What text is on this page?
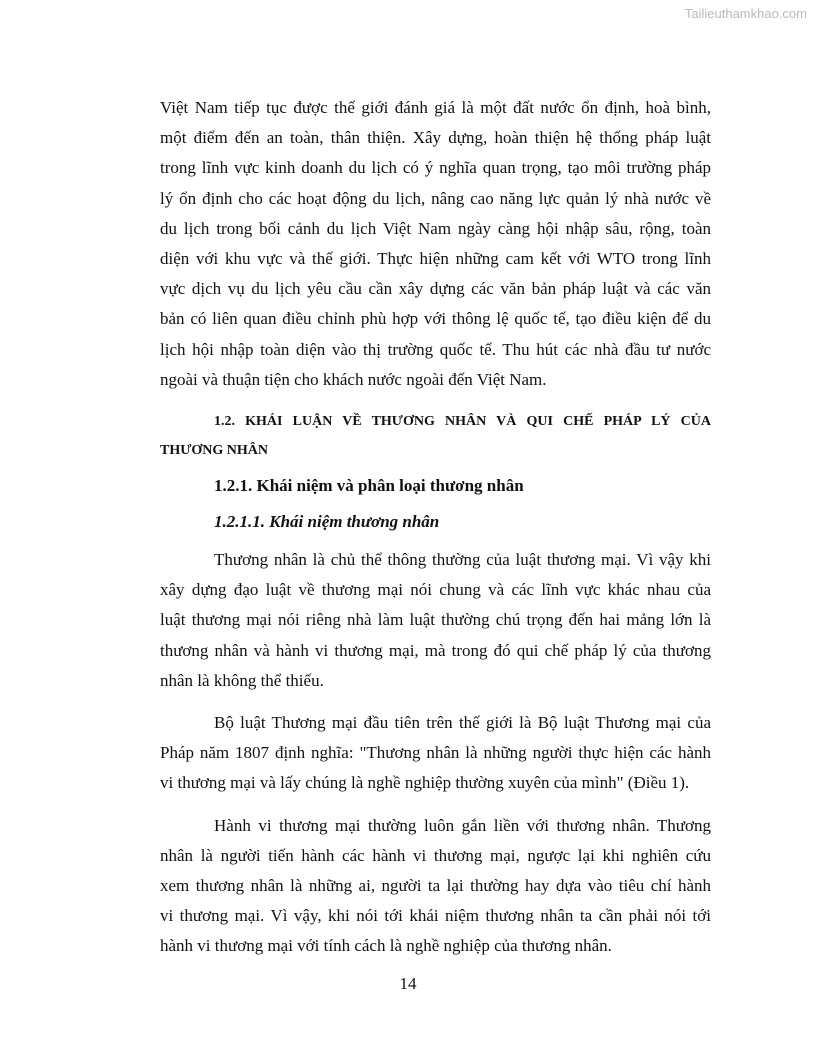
Tailieuthamkhao.com

Việt Nam tiếp tục được thế giới đánh giá là một đất nước ổn định, hoà bình,
một điểm đến an toàn, thân thiện. Xây dựng, hoàn thiện hệ thống pháp luật
trong lĩnh vực kinh doanh du lịch có ý nghĩa quan trọng, tạo môi trường pháp
lý ổn định cho các hoạt động du lịch, nâng cao năng lực quản lý nhà nước về
du lịch trong bối cảnh du lịch Việt Nam ngày càng hội nhập sâu, rộng, toàn
diện với khu vực và thế giới. Thực hiện những cam kết với WTO trong lĩnh
vực dịch vụ du lịch yêu cầu cần xây dựng các văn bản pháp luật và các văn
bản có liên quan điều chỉnh phù hợp với thông lệ quốc tế, tạo điều kiện để du
lịch hội nhập toàn diện vào thị trường quốc tế. Thu hút các nhà đầu tư nước
ngoài và thuận tiện cho khách nước ngoài đến Việt Nam.

1.2. KHÁI LUẬN VỀ THƯƠNG NHÂN VÀ QUI CHẾ PHÁP LÝ CỦA
THƯƠNG NHÂN

1.2.1. Khái niệm và phân loại thương nhân

1.2.1.1. Khái niệm thương nhân

Thương nhân là chủ thể thông thường của luật thương mại. Vì vậy khi
xây dựng đạo luật về thương mại nói chung và các lĩnh vực khác nhau của
luật thương mại nói riêng nhà làm luật thường chú trọng đến hai mảng lớn là
thương nhân và hành vi thương mại, mà trong đó qui chế pháp lý của thương
nhân là không thể thiếu.

Bộ luật Thương mại đầu tiên trên thế giới là Bộ luật Thương mại của
Pháp năm 1807 định nghĩa: "Thương nhân là những người thực hiện các hành
vi thương mại và lấy chúng là nghề nghiệp thường xuyên của mình" (Điều 1).

Hành vi thương mại thường luôn gắn liền với thương nhân. Thương
nhân là người tiến hành các hành vi thương mại, ngược lại khi nghiên cứu
xem thương nhân là những ai, người ta lại thường hay dựa vào tiêu chí hành
vi thương mại. Vì vậy, khi nói tới khái niệm thương nhân ta cần phải nói tới
hành vi thương mại với tính cách là nghề nghiệp của thương nhân.

14
